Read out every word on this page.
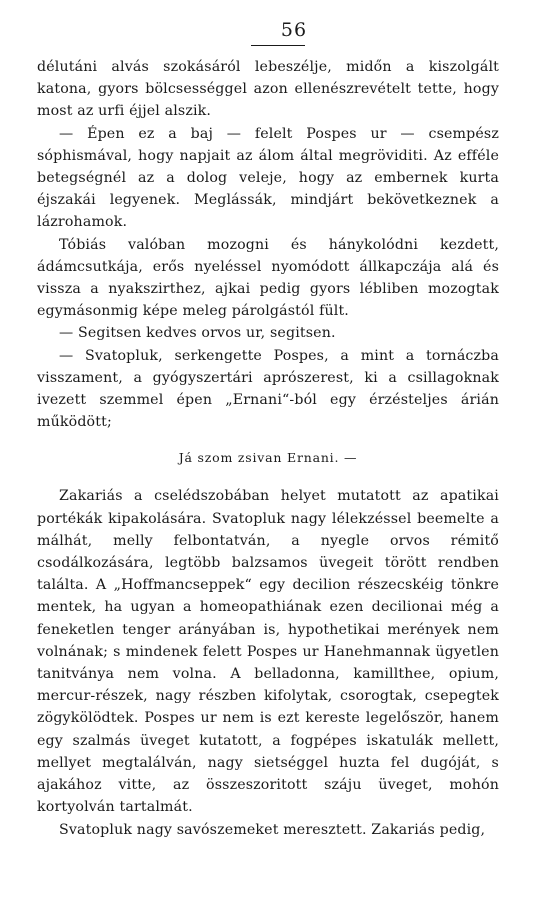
56

délutáni alvás szokásáról lebeszélje, midőn a kiszolgált katona, gyors bölcsességgel azon ellenészrevételt tette, hogy most az urfi éjjel alszik.

— Épen ez a baj — felelt Pospes ur — csempész sóphismával, hogy napjait az álom által megröviditi. Az efféle betegségnél az a dolog veleje, hogy az embernek kurta éjszakái legyenek. Meglássák, mindjárt bekövetkeznek a lázrohamok.

Tóbiás valóban mozogni és hánykolódni kezdett, ádámcsutkája, erős nyeléssel nyomódott állkapczája alá és vissza a nyakszirthez, ajkai pedig gyors lébliben mozogtak egymásonmig képe meleg párolgástól fült.

— Segitsen kedves orvos ur, segitsen.

— Svatopluk, serkengette Pospes, a mint a tornáczba visszament, a gyógyszertári aprószerest, ki a csillagoknak ivezett szemmel épen „Ernani“-ból egy érzésteljes árián működött;

Já szom zsivan Ernani. —

Zakariás a cselédszobában helyet mutatott az apatikai portékák kipakolására. Svatopluk nagy lélekzéssel beemelte a málhát, melly felbontatván, a nyegle orvos rémitő csodálkozására, legtöbb balzsamos üvegeit törött rendben találta. A „Hoffmancseppek“ egy decilion részecskéig tönkre mentek, ha ugyan a homeopathiának ezen decilionai még a feneketlen tenger arányában is, hypothetikai merények nem volnának; s mindenek felett Pospes ur Hanehmannak ügyetlen tanitványa nem volna. A belladonna, kamillthee, opium, mercur-részek, nagy részben kifolytak, csorogtak, csepegtek zögykölödtek. Pospes ur nem is ezt kereste legelőször, hanem egy szalmás üveget kutatott, a fogpépes iskatulák mellett, mellyet megtalálván, nagy sietséggel huzta fel dugóját, s ajakához vitte, az összeszoritott száju üveget, mohón kortyolván tartalmát.

Svatopluk nagy savószemeket meresztett. Zakariás pedig,
